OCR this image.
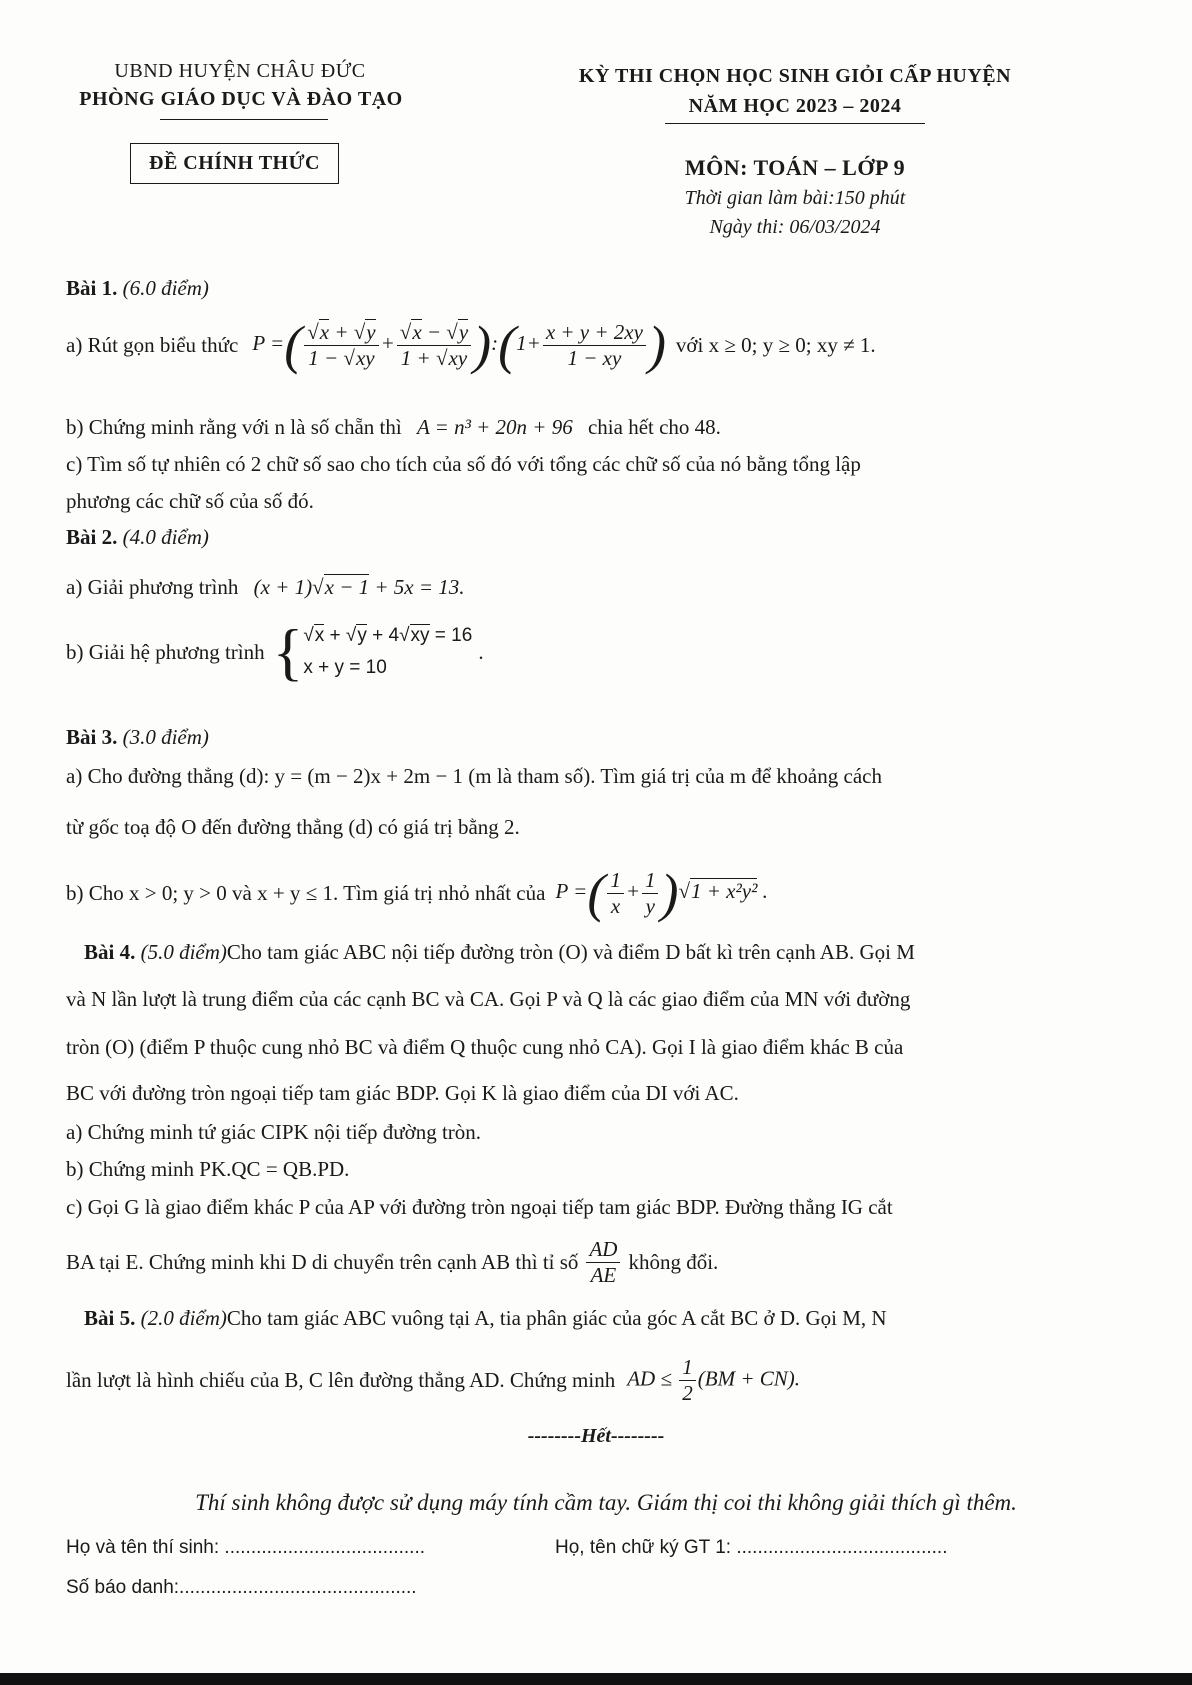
UBND HUYỆN CHÂU ĐỨC
PHÒNG GIÁO DỤC VÀ ĐÀO TẠO
KỲ THI CHỌN HỌC SINH GIỎI CẤP HUYỆN
NĂM HỌC 2023 – 2024
ĐỀ CHÍNH THỨC	MÔN: TOÁN – LỚP 9
Thời gian làm bài:150 phút
Ngày thi: 06/03/2024
Bài 1. (6.0 điểm)
a) Rút gọn biểu thức P =( $\frac{√x + √y}{1 - √xy} + \frac{√x - √y}{1 + √xy}$ ):(1+ $\frac{x + y + 2xy}{1 - xy}$ ) với x ≥ 0; y ≥ 0; xy ≠ 1.
b) Chứng minh rằng với n là số chẵn thì A = n³ + 20n + 96 chia hết cho 48.
c) Tìm số tự nhiên có 2 chữ số sao cho tích của số đó với tổng các chữ số của nó bằng tổng lập
phương các chữ số của số đó.
Bài 2. (4.0 điểm)
a) Giải phương trình (x + 1)√x − 1 + 5x = 13.
b) Giải hệ phương trình { √x + √y + 4√xy = 16
x + y = 10
.
Bài 3. (3.0 điểm)
a) Cho đường thẳng (d): y = (m − 2)x + 2m − 1 (m là tham số). Tìm giá trị của m để khoảng cách
từ gốc toạ độ O đến đường thẳng (d) có giá trị bằng 2.
b) Cho x > 0; y > 0 và x + y ≤ 1. Tìm giá trị nhỏ nhất của P =( $\frac{1}{x} + \frac{1}{y} )√1 + x^2y^2$ .
Bài 4. (5.0 điểm)Cho tam giác ABC nội tiếp đường tròn (O) và điểm D bất kì trên cạnh AB. Gọi M
và N lần lượt là trung điểm của các cạnh BC và CA. Gọi P và Q là các giao điểm của MN với đường
tròn (O) (điểm P thuộc cung nhỏ BC và điểm Q thuộc cung nhỏ CA). Gọi I là giao điểm khác B của
BC với đường tròn ngoại tiếp tam giác BDP. Gọi K là giao điểm của DI với AC.
a) Chứng minh tứ giác CIPK nội tiếp đường tròn.
b) Chứng minh PK.QC = QB.PD.
c) Gọi G là giao điểm khác P của AP với đường tròn ngoại tiếp tam giác BDP. Đường thẳng IG cắt
BA tại E. Chứng minh khi D di chuyển trên cạnh AB thì tỉ số $\frac{AD}{AE}$ không đổi.
Bài 5. (2.0 điểm)Cho tam giác ABC vuông tại A, tia phân giác của góc A cắt BC ở D. Gọi M, N
lần lượt là hình chiếu của B, C lên đường thẳng AD. Chứng minh AD ≤ $\frac{1}{2} (BM + CN)$.
--------Hết--------
Thí sinh không được sử dụng máy tính cầm tay. Giám thị coi thi không giải thích gì thêm.
Họ và tên thí sinh: ......................................	Họ, tên chữ ký GT 1: ........................................
Số báo danh:.............................................
